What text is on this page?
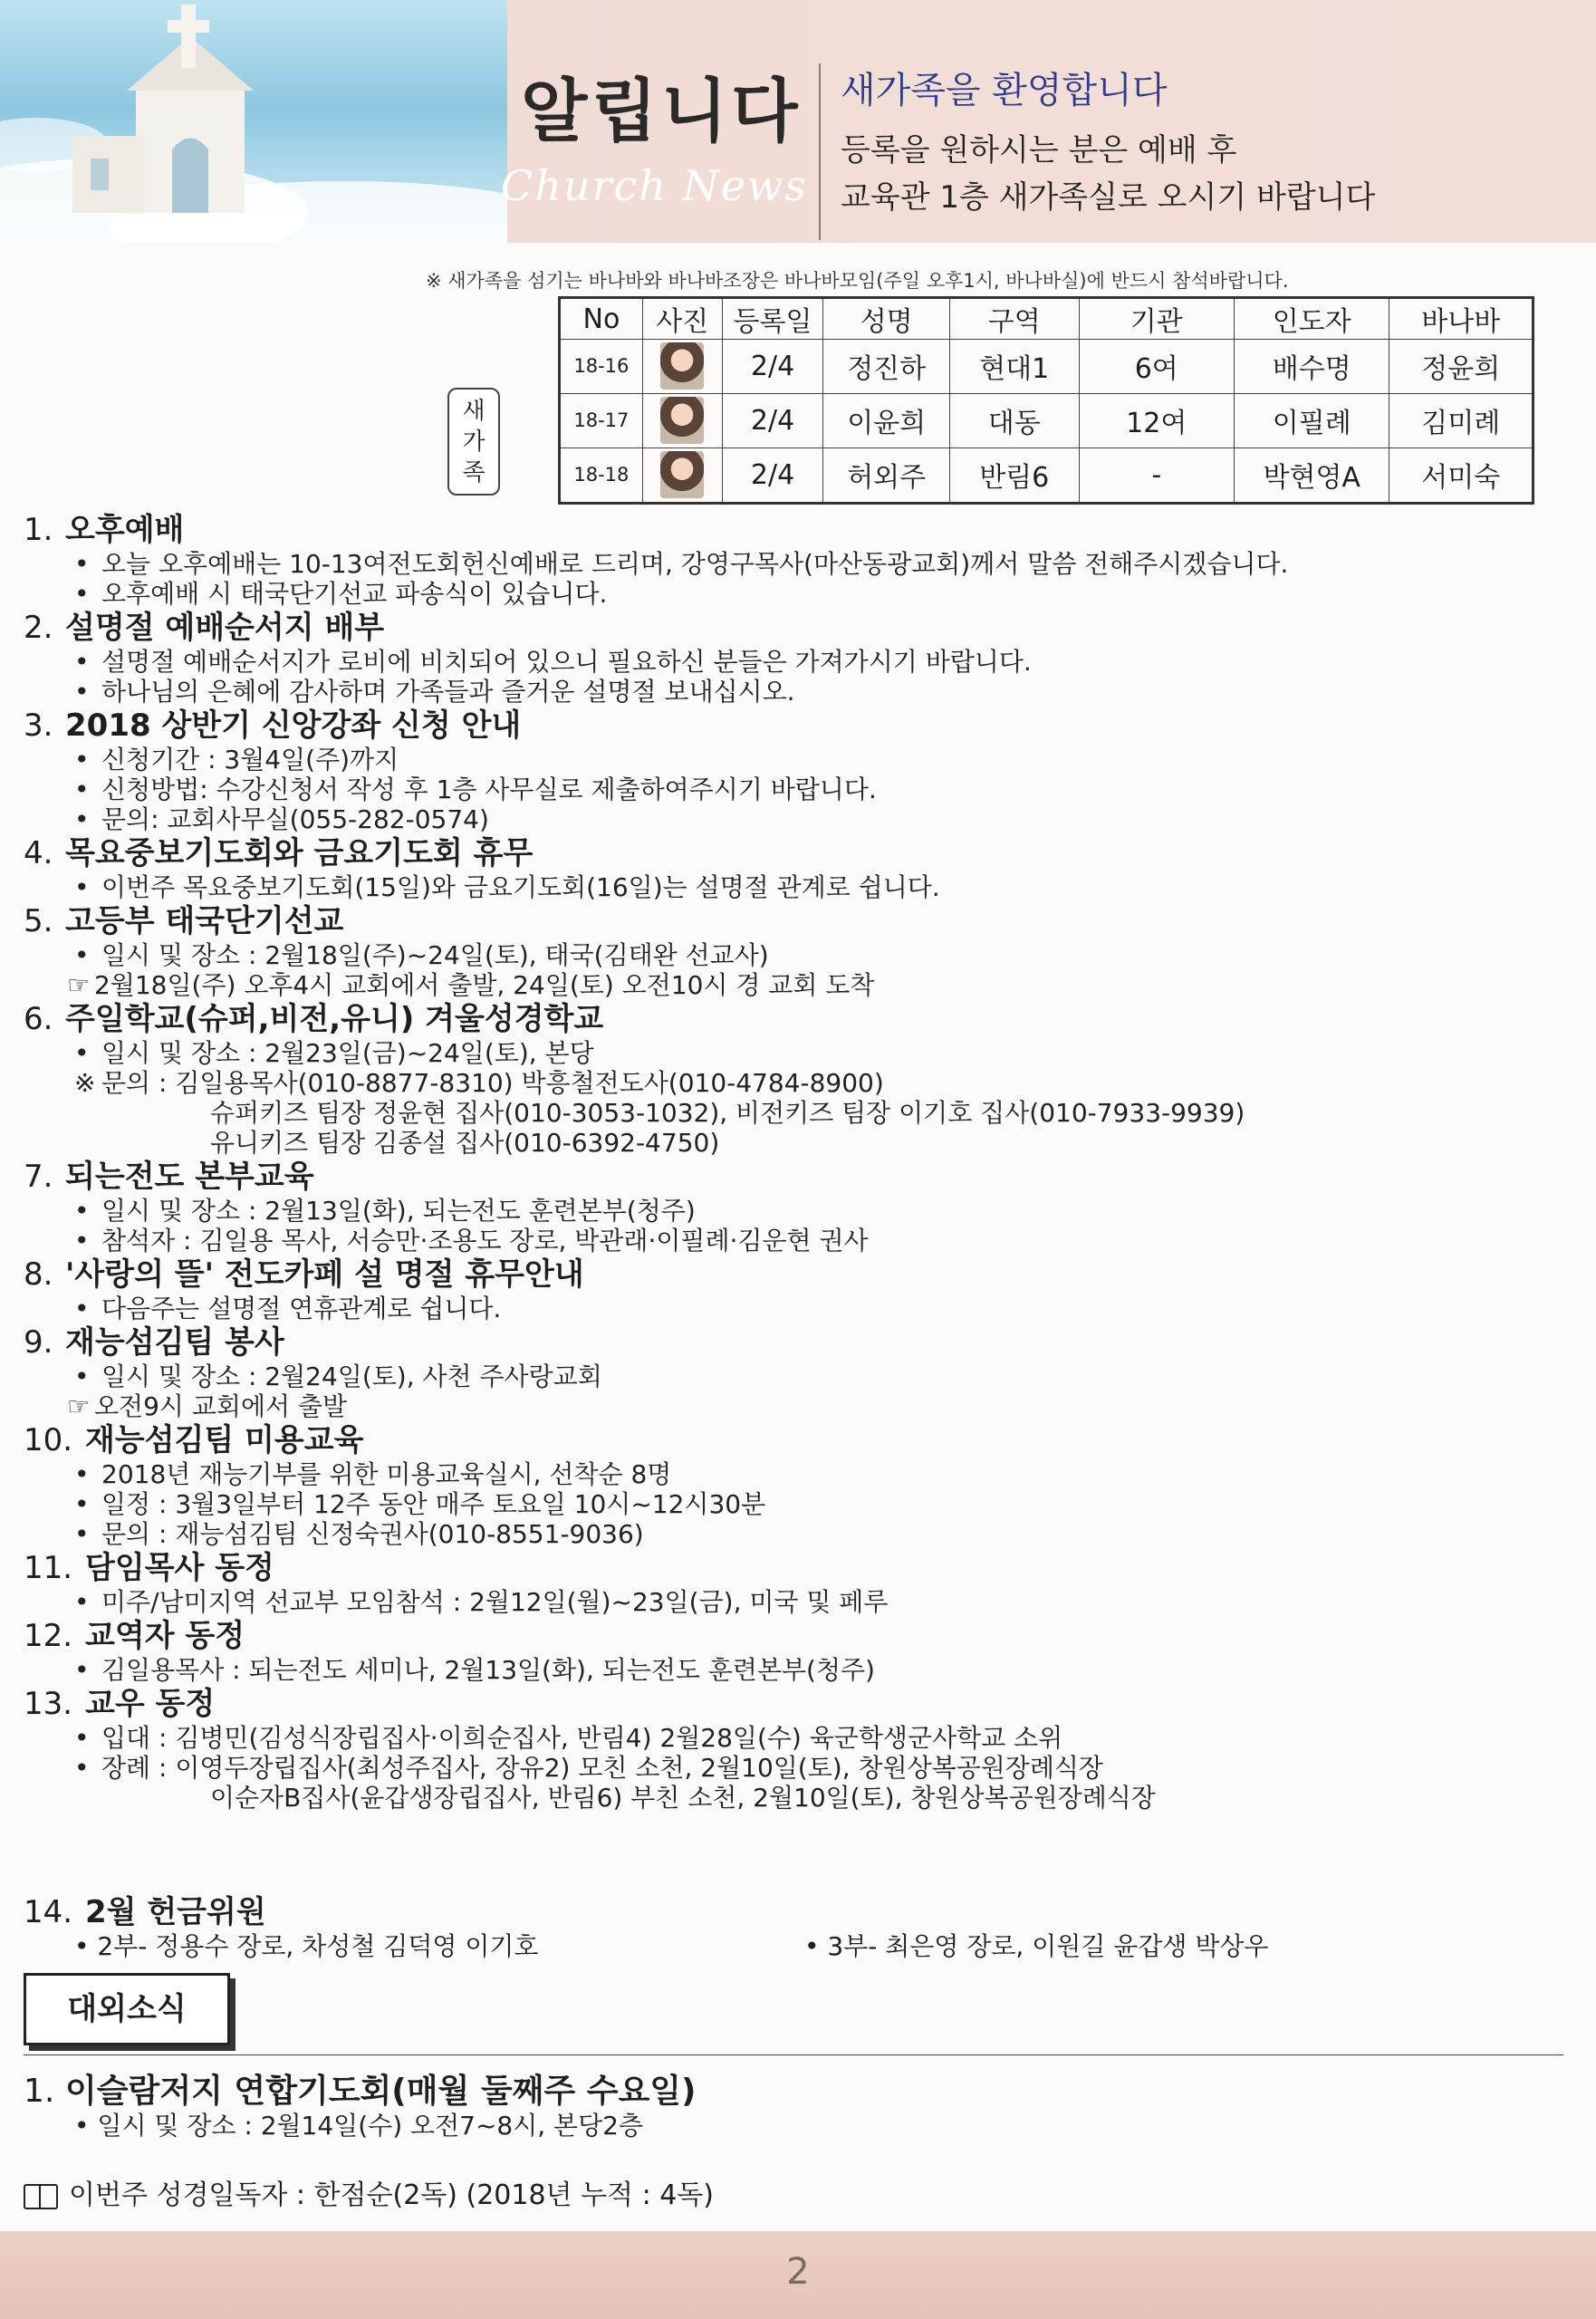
알립니다
Church News
새가족을 환영합니다
등록을 원하시는 분은 예배 후
교육관 1층 새가족실로 오시기 바랍니다
※ 새가족을 섬기는 바나바와 바나바조장은 바나바모임(주일 오후1시, 바나바실)에 반드시 참석바랍니다.
새
가
족
No	사진	등록일	성명	구역	기관	인도자	바나바
18-16		2/4	정진하	현대1	6여	배수명	정윤희
18-17		2/4	이윤희	대동	12여	이필례	김미례
18-18		2/4	허외주	반림6	-	박현영A	서미숙
1. 오후예배
• 오늘 오후예배는 10-13여전도회헌신예배로 드리며, 강영구목사(마산동광교회)께서 말씀 전해주시겠습니다.
• 오후예배 시 태국단기선교 파송식이 있습니다.
2. 설명절 예배순서지 배부
• 설명절 예배순서지가 로비에 비치되어 있으니 필요하신 분들은 가져가시기 바랍니다.
• 하나님의 은혜에 감사하며 가족들과 즐거운 설명절 보내십시오.
3. 2018 상반기 신앙강좌 신청 안내
• 신청기간 : 3월4일(주)까지
• 신청방법: 수강신청서 작성 후 1층 사무실로 제출하여주시기 바랍니다.
• 문의: 교회사무실(055-282-0574)
4. 목요중보기도회와 금요기도회 휴무
• 이번주 목요중보기도회(15일)와 금요기도회(16일)는 설명절 관계로 쉽니다.
5. 고등부 태국단기선교
• 일시 및 장소 : 2월18일(주)~24일(토), 태국(김태완 선교사)
☞ 2월18일(주) 오후4시 교회에서 출발, 24일(토) 오전10시 경 교회 도착
6. 주일학교(슈퍼,비전,유니) 겨울성경학교
• 일시 및 장소 : 2월23일(금)~24일(토), 본당
※ 문의 : 김일용목사(010-8877-8310) 박흥철전도사(010-4784-8900)
슈퍼키즈 팀장 정윤현 집사(010-3053-1032), 비전키즈 팀장 이기호 집사(010-7933-9939)
유니키즈 팀장 김종설 집사(010-6392-4750)
7. 되는전도 본부교육
• 일시 및 장소 : 2월13일(화), 되는전도 훈련본부(청주)
• 참석자 : 김일용 목사, 서승만·조용도 장로, 박관래·이필례·김운현 권사
8. '사랑의 뜰' 전도카페 설 명절 휴무안내
• 다음주는 설명절 연휴관계로 쉽니다.
9. 재능섬김팀 봉사
• 일시 및 장소 : 2월24일(토), 사천 주사랑교회
☞ 오전9시 교회에서 출발
10. 재능섬김팀 미용교육
• 2018년 재능기부를 위한 미용교육실시, 선착순 8명
• 일정 : 3월3일부터 12주 동안 매주 토요일 10시~12시30분
• 문의 : 재능섬김팀 신정숙권사(010-8551-9036)
11. 담임목사 동정
• 미주/남미지역 선교부 모임참석 : 2월12일(월)~23일(금), 미국 및 페루
12. 교역자 동정
• 김일용목사 : 되는전도 세미나, 2월13일(화), 되는전도 훈련본부(청주)
13. 교우 동정
• 입대 : 김병민(김성식장립집사·이희순집사, 반림4) 2월28일(수) 육군학생군사학교 소위
• 장례 : 이영두장립집사(최성주집사, 장유2) 모친 소천, 2월10일(토), 창원상복공원장례식장
이순자B집사(윤갑생장립집사, 반림6) 부친 소천, 2월10일(토), 창원상복공원장례식장
14. 2월 헌금위원
• 2부- 정용수 장로, 차성철 김덕영 이기호	• 3부- 최은영 장로, 이원길 윤갑생 박상우
대외소식
1. 이슬람저지 연합기도회(매월 둘째주 수요일)
• 일시 및 장소 : 2월14일(수) 오전7~8시, 본당2층
이번주 성경일독자 : 한점순(2독) (2018년 누적 : 4독)
2
